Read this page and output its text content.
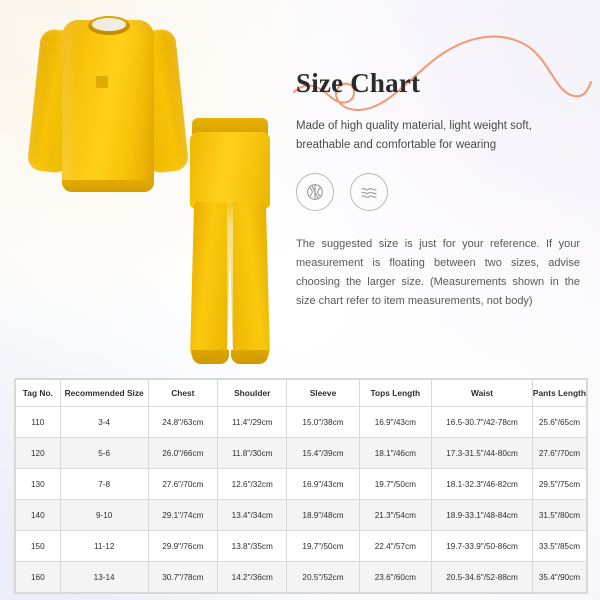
Size Chart

Made of high quality material, light weight soft, breathable and comfortable for wearing

The suggested size is just for your reference. If your measurement is floating between two sizes, advise choosing the larger size. (Measurements shown in the size chart refer to item measurements, not body)

Tag No.	Recommended Size	Chest	Shoulder	Sleeve	Tops Length	Waist	Pants Length
110	3-4	24.8"/63cm	11.4"/29cm	15.0"/38cm	16.9"/43cm	16.5-30.7"/42-78cm	25.6"/65cm
120	5-6	26.0"/66cm	11.8"/30cm	15.4"/39cm	18.1"/46cm	17.3-31.5"/44-80cm	27.6"/70cm
130	7-8	27.6"/70cm	12.6"/32cm	16.9"/43cm	19.7"/50cm	18.1-32.3"/46-82cm	29.5"/75cm
140	9-10	29.1"/74cm	13.4"/34cm	18.9"/48cm	21.3"/54cm	18.9-33.1"/48-84cm	31.5"/80cm
150	11-12	29.9"/76cm	13.8"/35cm	19.7"/50cm	22.4"/57cm	19.7-33.9"/50-86cm	33.5"/85cm
160	13-14	30.7"/78cm	14.2"/36cm	20.5"/52cm	23.6"/60cm	20.5-34.6"/52-88cm	35.4"/90cm
